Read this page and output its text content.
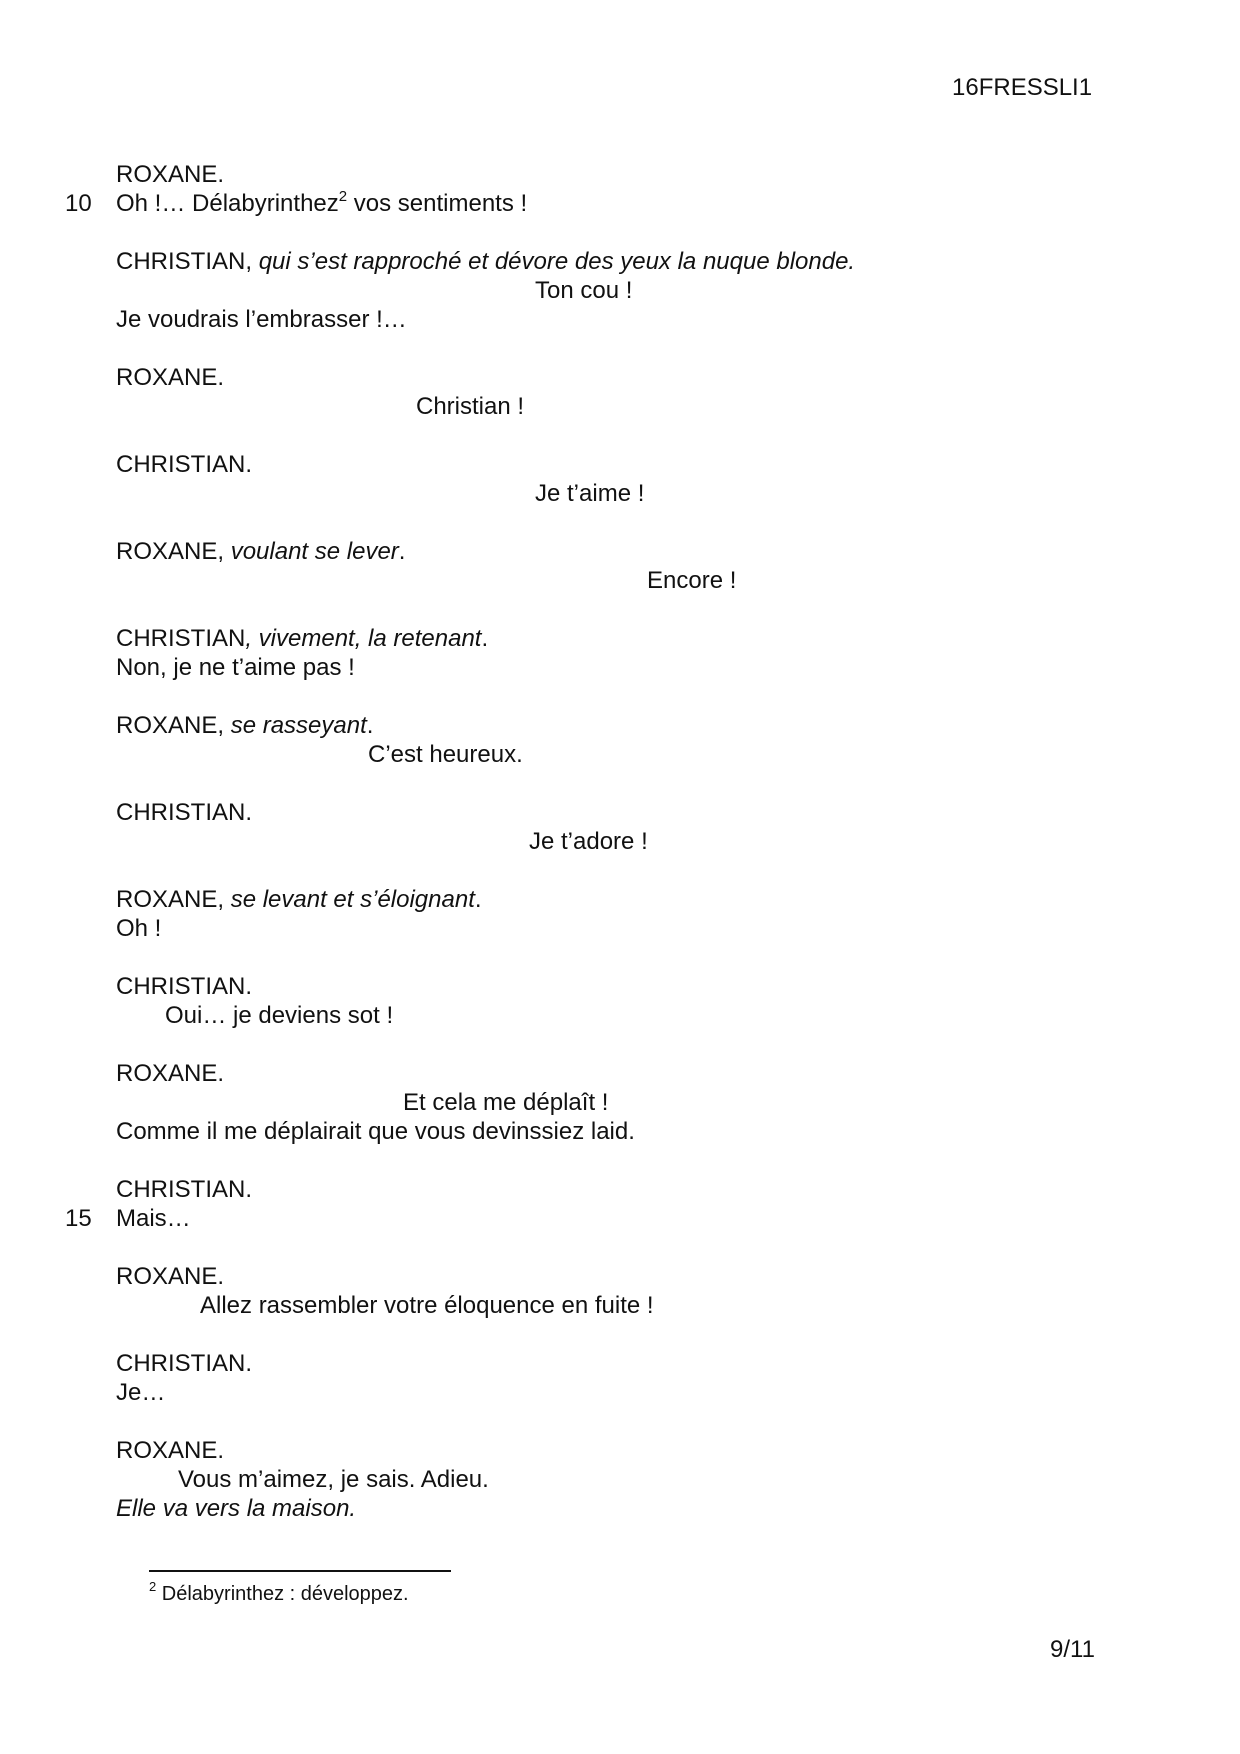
16FRESSLI1
ROXANE.
10 Oh !… Délabyrinthez$^2$ vos sentiments !
CHRISTIAN, qui s’est rapproché et dévore des yeux la nuque blonde.
Ton cou !
Je voudrais l’embrasser !…
ROXANE.
Christian !
CHRISTIAN.
Je t’aime !
ROXANE, voulant se lever.
Encore !
CHRISTIAN, vivement, la retenant.
Non, je ne t’aime pas !
ROXANE, se rasseyant.
C’est heureux.
CHRISTIAN.
Je t’adore !
ROXANE, se levant et s’éloignant.
Oh !
CHRISTIAN.
Oui… je deviens sot !
ROXANE.
Et cela me déplaît !
Comme il me déplairait que vous devinssiez laid.
CHRISTIAN.
15 Mais…
ROXANE.
Allez rassembler votre éloquence en fuite !
CHRISTIAN.
Je…
ROXANE.
Vous m’aimez, je sais. Adieu.
Elle va vers la maison.
$^2$ Délabyrinthez : développez.
9/11
